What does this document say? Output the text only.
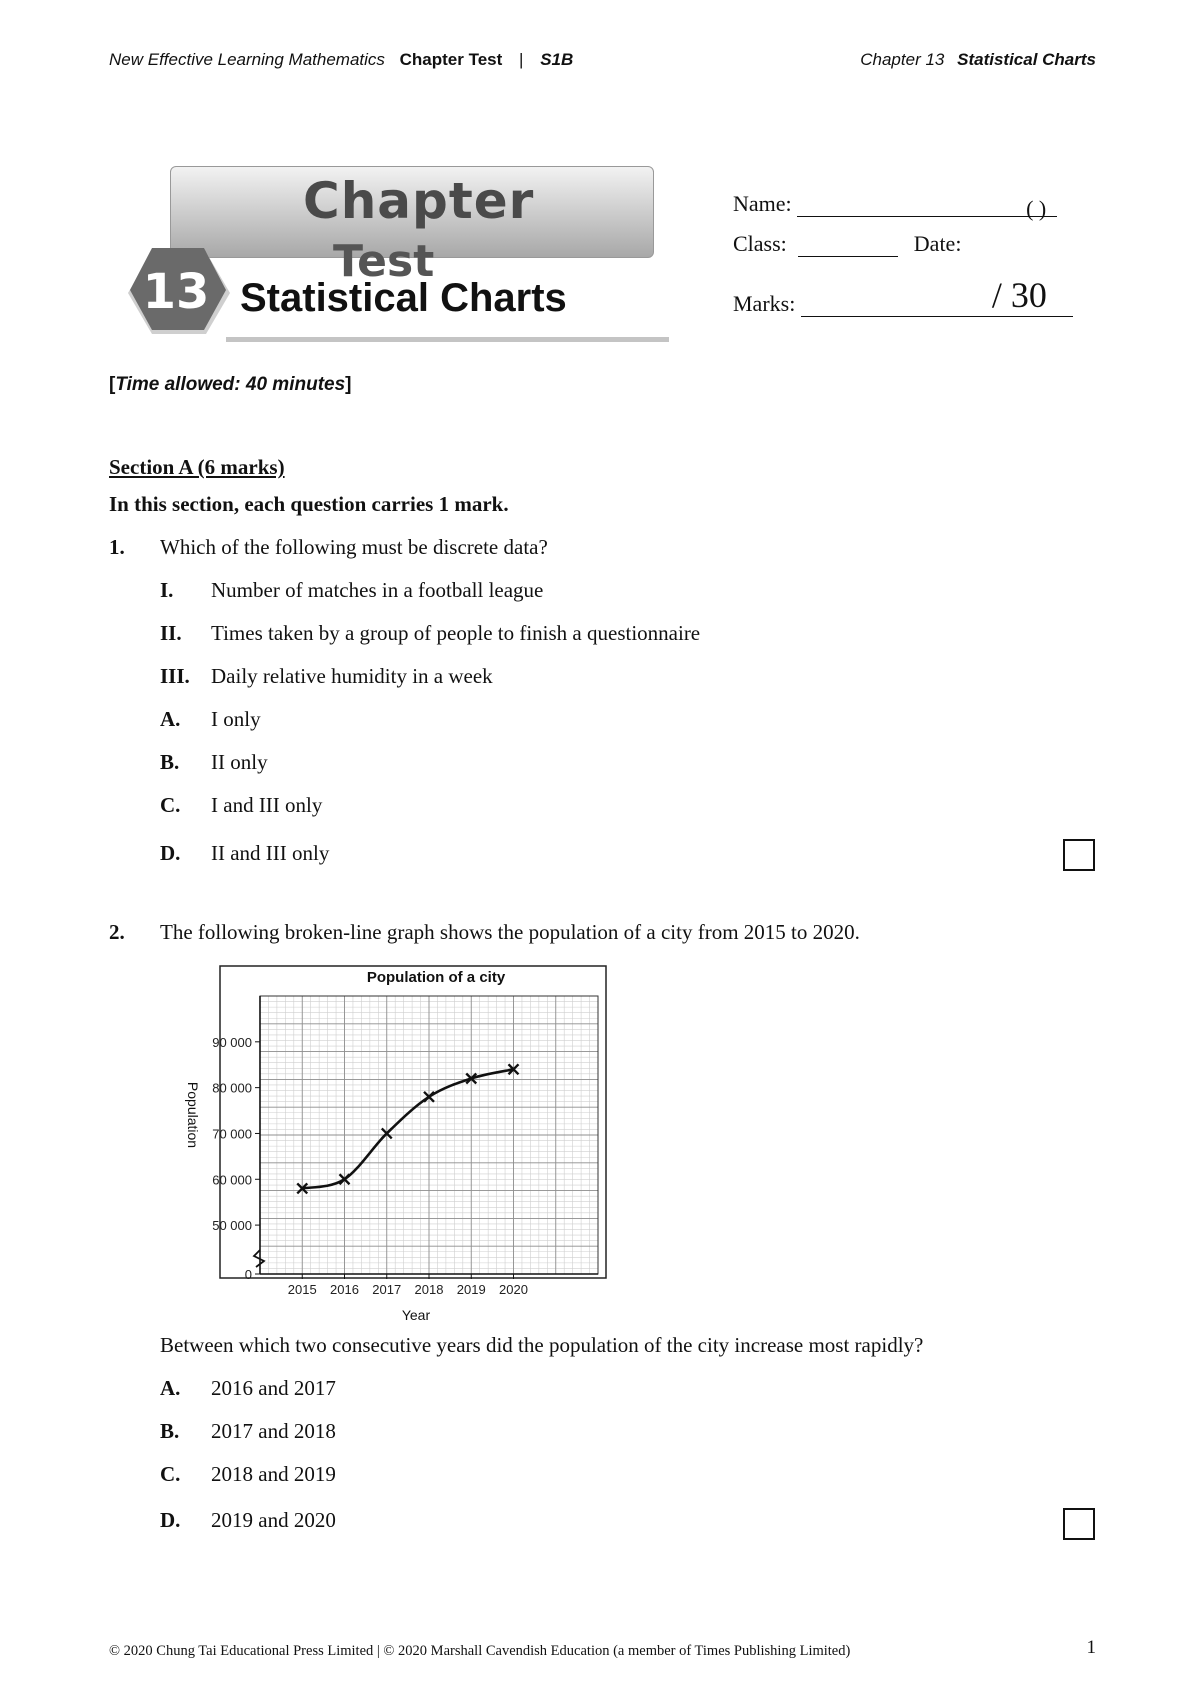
New Effective Learning Mathematics Chapter Test | S1B	Chapter 13 Statistical Charts
Chapter
Test
13 Statistical Charts
Name:	( )
Class:	Date:
Marks:	/ 30
[Time allowed: 40 minutes]
Section A (6 marks)
In this section, each question carries 1 mark.
1. Which of the following must be discrete data?
I. Number of matches in a football league
II. Times taken by a group of people to finish a questionnaire
III. Daily relative humidity in a week
A. I only
B. II only
C. I and III only
D. II and III only
2. The following broken-line graph shows the population of a city from 2015 to 2020.
Population of a city
0
50 000
60 000
70 000
80 000
90 000
2015 2016 2017 2018 2019 2020
Year
Population
Between which two consecutive years did the population of the city increase most rapidly?
A. 2016 and 2017
B. 2017 and 2018
C. 2018 and 2019
D. 2019 and 2020
© 2020 Chung Tai Educational Press Limited | © 2020 Marshall Cavendish Education (a member of Times Publishing Limited)	1
